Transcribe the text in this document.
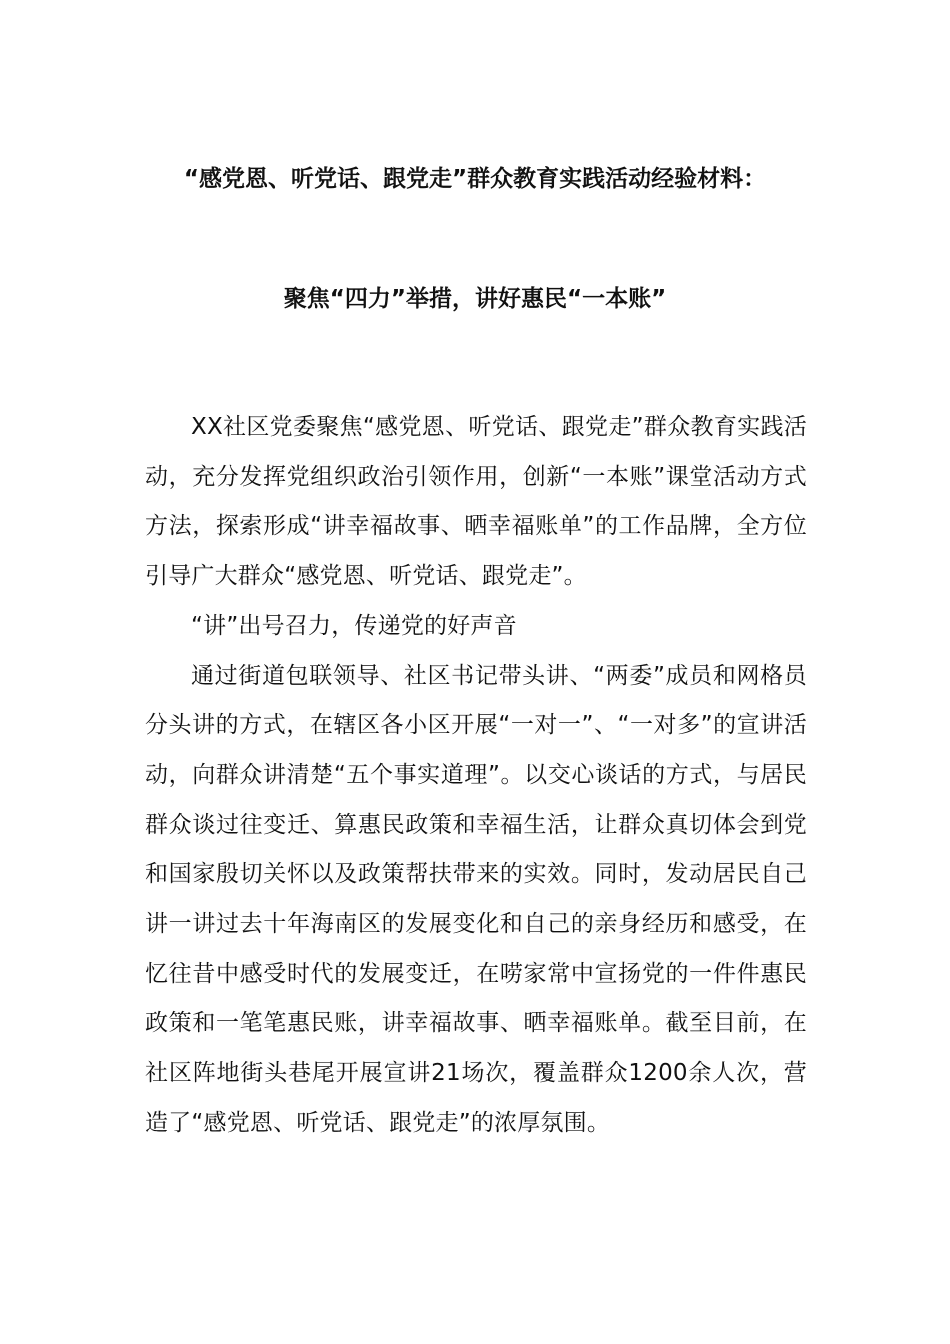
“感党恩、听党话、跟党走”群众教育实践活动经验材料：
聚焦“四力”举措，讲好惠民“一本账”

XX社区党委聚焦“感党恩、听党话、跟党走”群众教育实践活动，充分发挥党组织政治引领作用，创新“一本账”课堂活动方式方法，探索形成“讲幸福故事、晒幸福账单”的工作品牌，全方位引导广大群众“感党恩、听党话、跟党走”。

“讲”出号召力，传递党的好声音

通过街道包联领导、社区书记带头讲、“两委”成员和网格员分头讲的方式，在辖区各小区开展“一对一”、“一对多”的宣讲活动，向群众讲清楚“五个事实道理”。以交心谈话的方式，与居民群众谈过往变迁、算惠民政策和幸福生活，让群众真切体会到党和国家殷切关怀以及政策帮扶带来的实效。同时，发动居民自己讲一讲过去十年海南区的发展变化和自己的亲身经历和感受，在忆往昔中感受时代的发展变迁，在唠家常中宣扬党的一件件惠民政策和一笔笔惠民账，讲幸福故事、晒幸福账单。截至目前，在社区阵地街头巷尾开展宣讲21场次，覆盖群众1200余人次，营造了“感党恩、听党话、跟党走”的浓厚氛围。
